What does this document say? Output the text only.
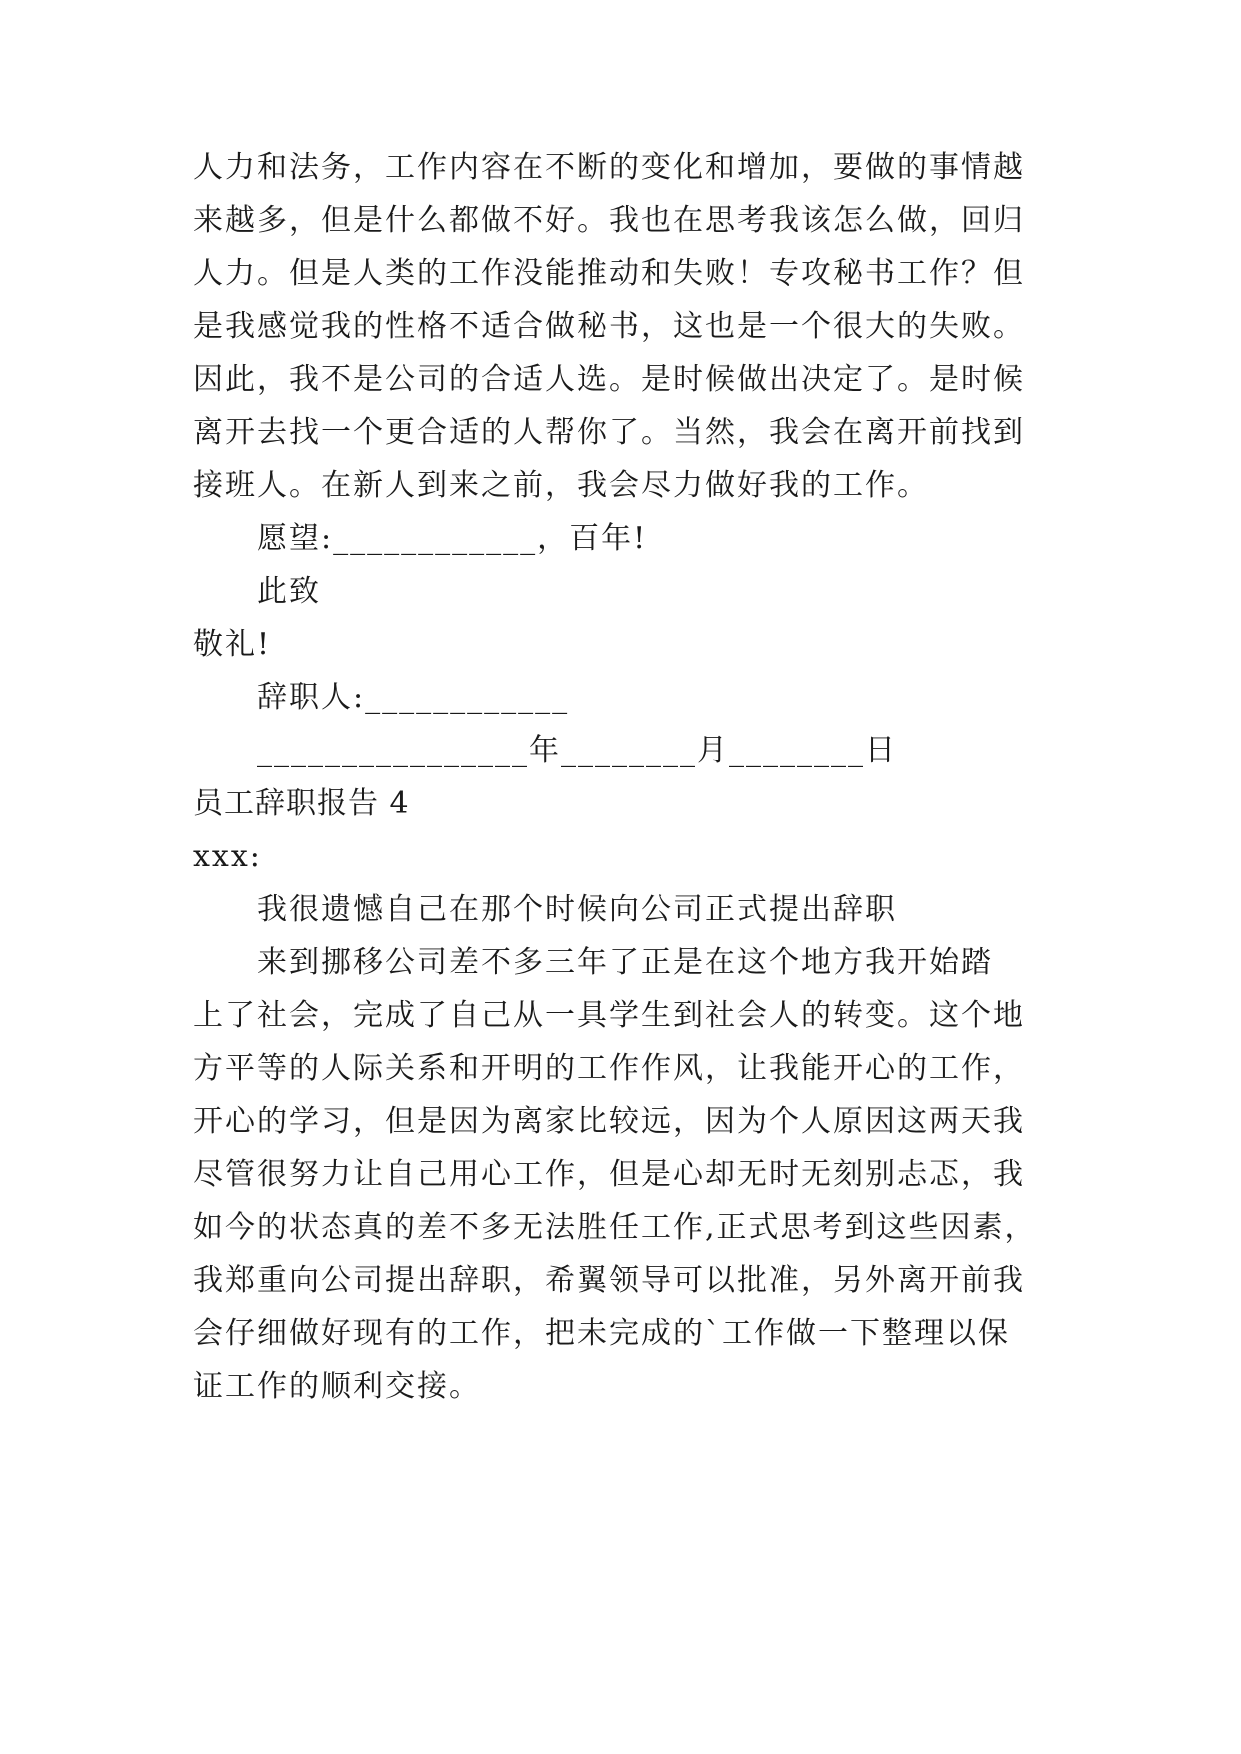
人力和法务，工作内容在不断的变化和增加，要做的事情越
来越多，但是什么都做不好。我也在思考我该怎么做，回归
人力。但是人类的工作没能推动和失败！专攻秘书工作？但
是我感觉我的性格不适合做秘书，这也是一个很大的失败。
因此，我不是公司的合适人选。是时候做出决定了。是时候
离开去找一个更合适的人帮你了。当然，我会在离开前找到
接班人。在新人到来之前，我会尽力做好我的工作。
愿望:____________，百年!
此致
敬礼!
辞职人:____________
________________年________月________日
员工辞职报告 4
xxx:
我很遗憾自己在那个时候向公司正式提出辞职
来到挪移公司差不多三年了正是在这个地方我开始踏
上了社会，完成了自己从一具学生到社会人的转变。这个地
方平等的人际关系和开明的工作作风，让我能开心的工作，
开心的学习，但是因为离家比较远，因为个人原因这两天我
尽管很努力让自己用心工作，但是心却无时无刻别忐忑，我
如今的状态真的差不多无法胜任工作,正式思考到这些因素，
我郑重向公司提出辞职，希翼领导可以批准，另外离开前我
会仔细做好现有的工作，把未完成的`工作做一下整理以保
证工作的顺利交接。
